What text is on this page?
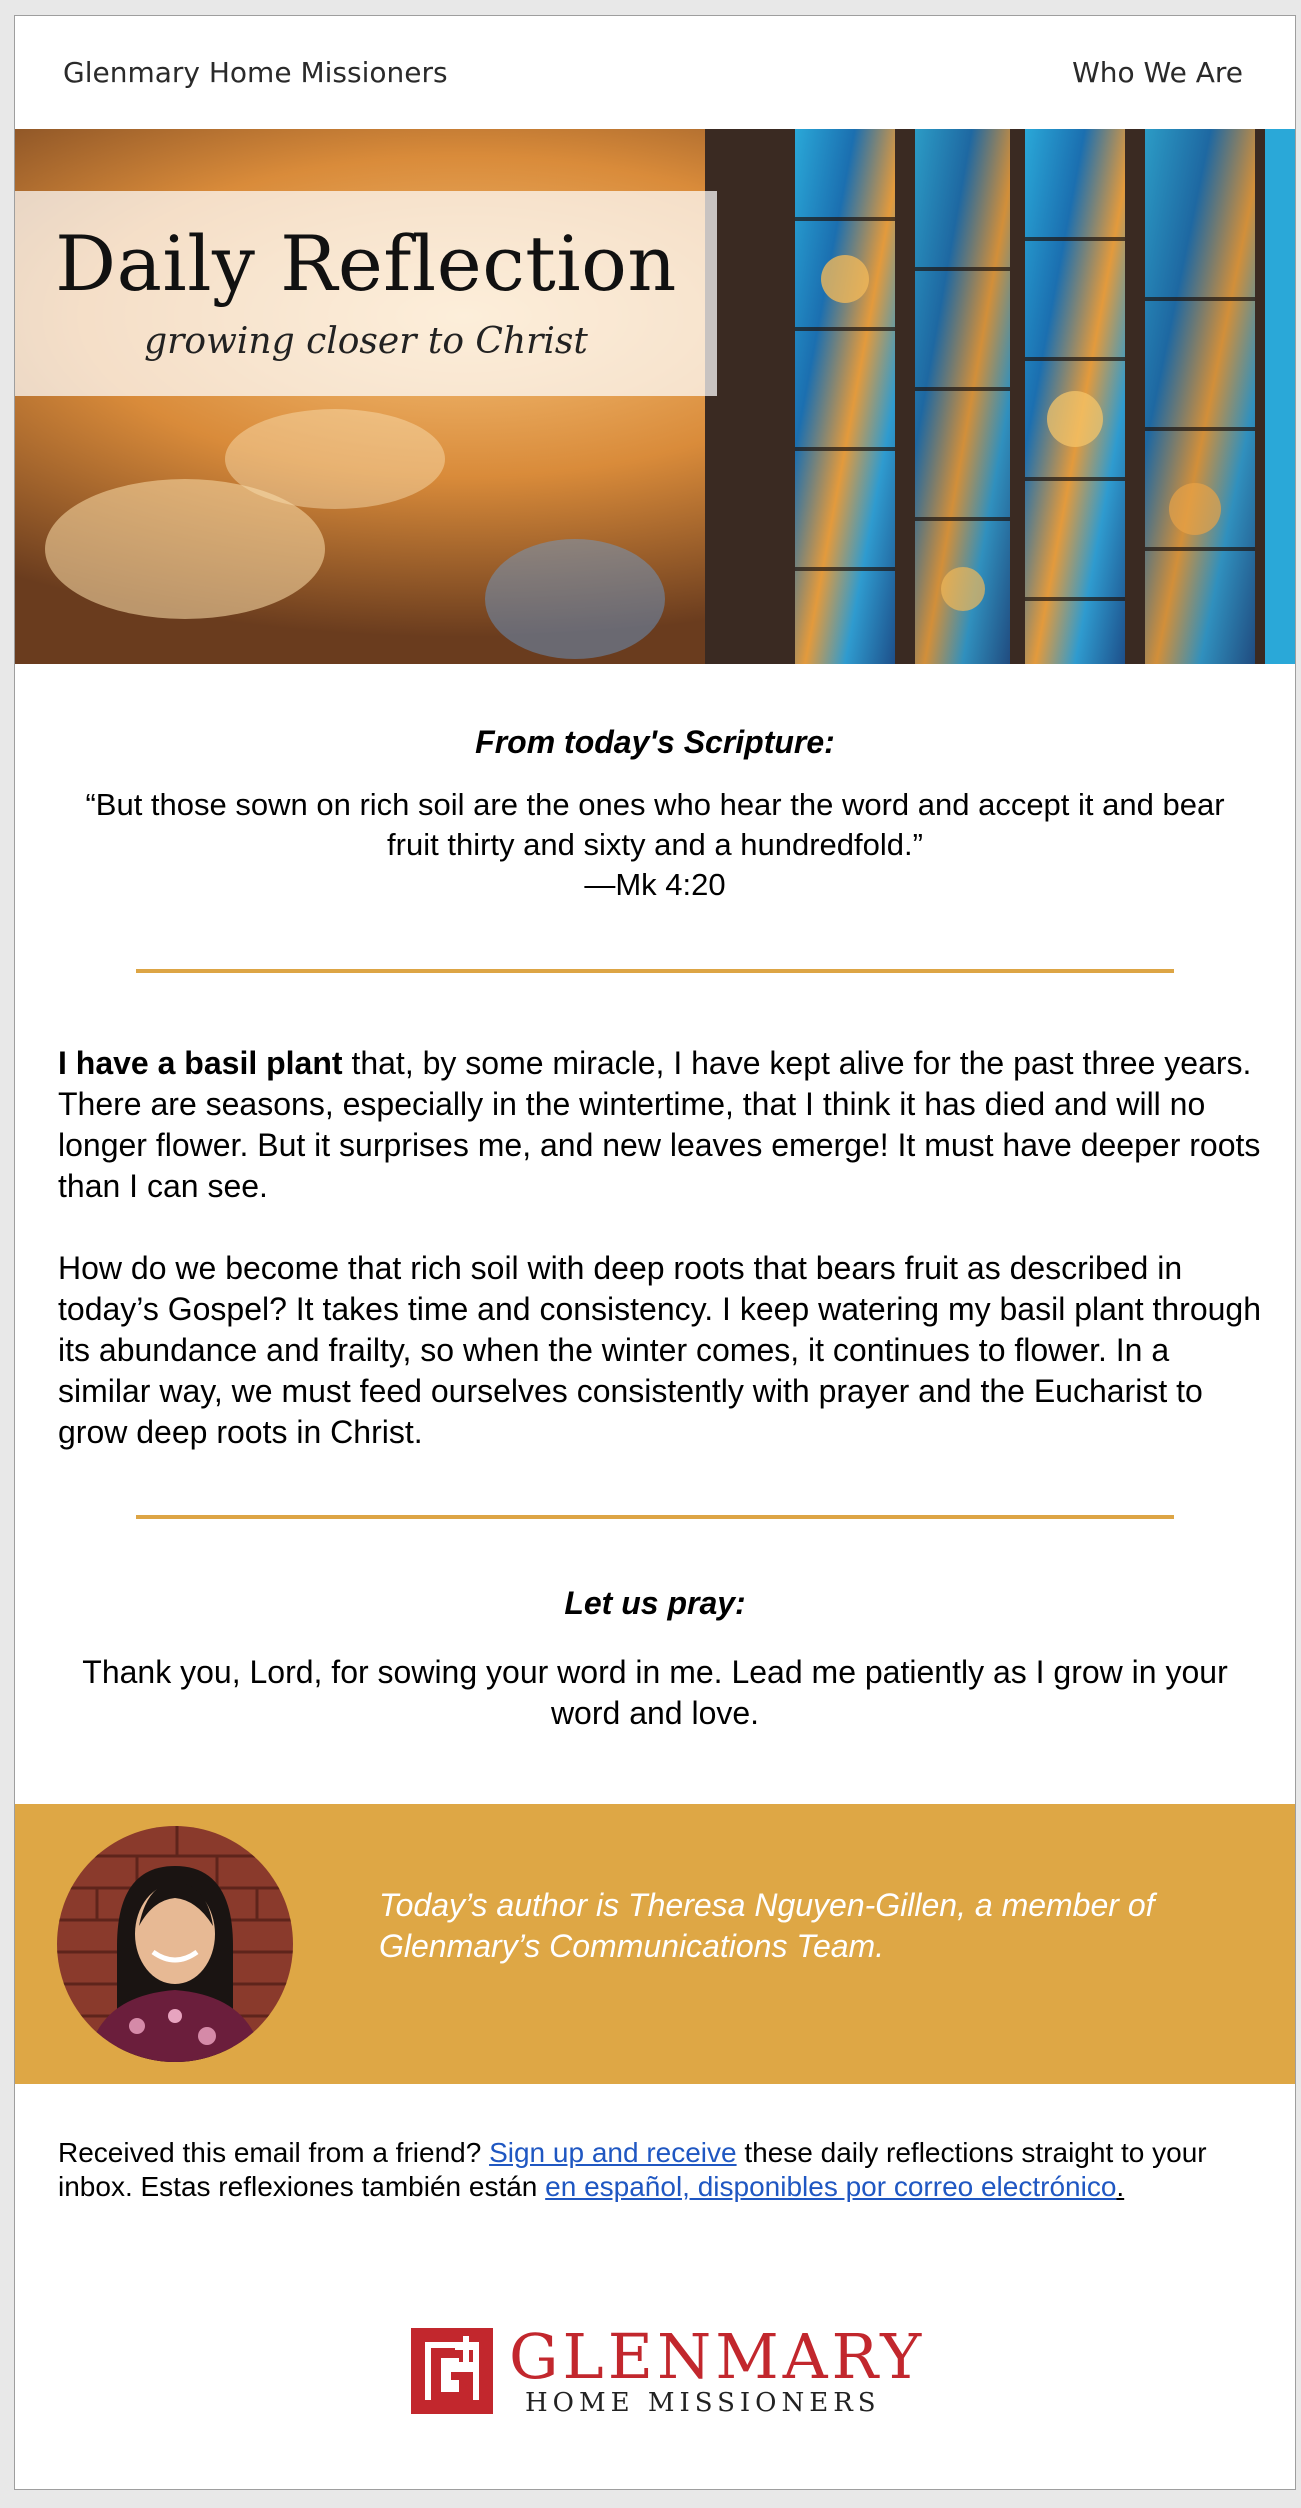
Glenmary Home Missioners	Who We Are
Daily Reflection
growing closer to Christ
From today's Scripture:
“But those sown on rich soil are the ones who hear the word and accept it and bear fruit thirty and sixty and a hundredfold.”
—Mk 4:20

I have a basil plant that, by some miracle, I have kept alive for the past three years. There are seasons, especially in the wintertime, that I think it has died and will no longer flower. But it surprises me, and new leaves emerge! It must have deeper roots than I can see.

How do we become that rich soil with deep roots that bears fruit as described in today’s Gospel? It takes time and consistency. I keep watering my basil plant through its abundance and frailty, so when the winter comes, it continues to flower. In a similar way, we must feed ourselves consistently with prayer and the Eucharist to grow deep roots in Christ.

Let us pray:
Thank you, Lord, for sowing your word in me. Lead me patiently as I grow in your word and love.
Today’s author is Theresa Nguyen-Gillen, a member of Glenmary’s Communications Team.
Received this email from a friend? Sign up and receive these daily reflections straight to your inbox. Estas reflexiones también están en español, disponibles por correo electrónico.
GLENMARY
HOME MISSIONERS
